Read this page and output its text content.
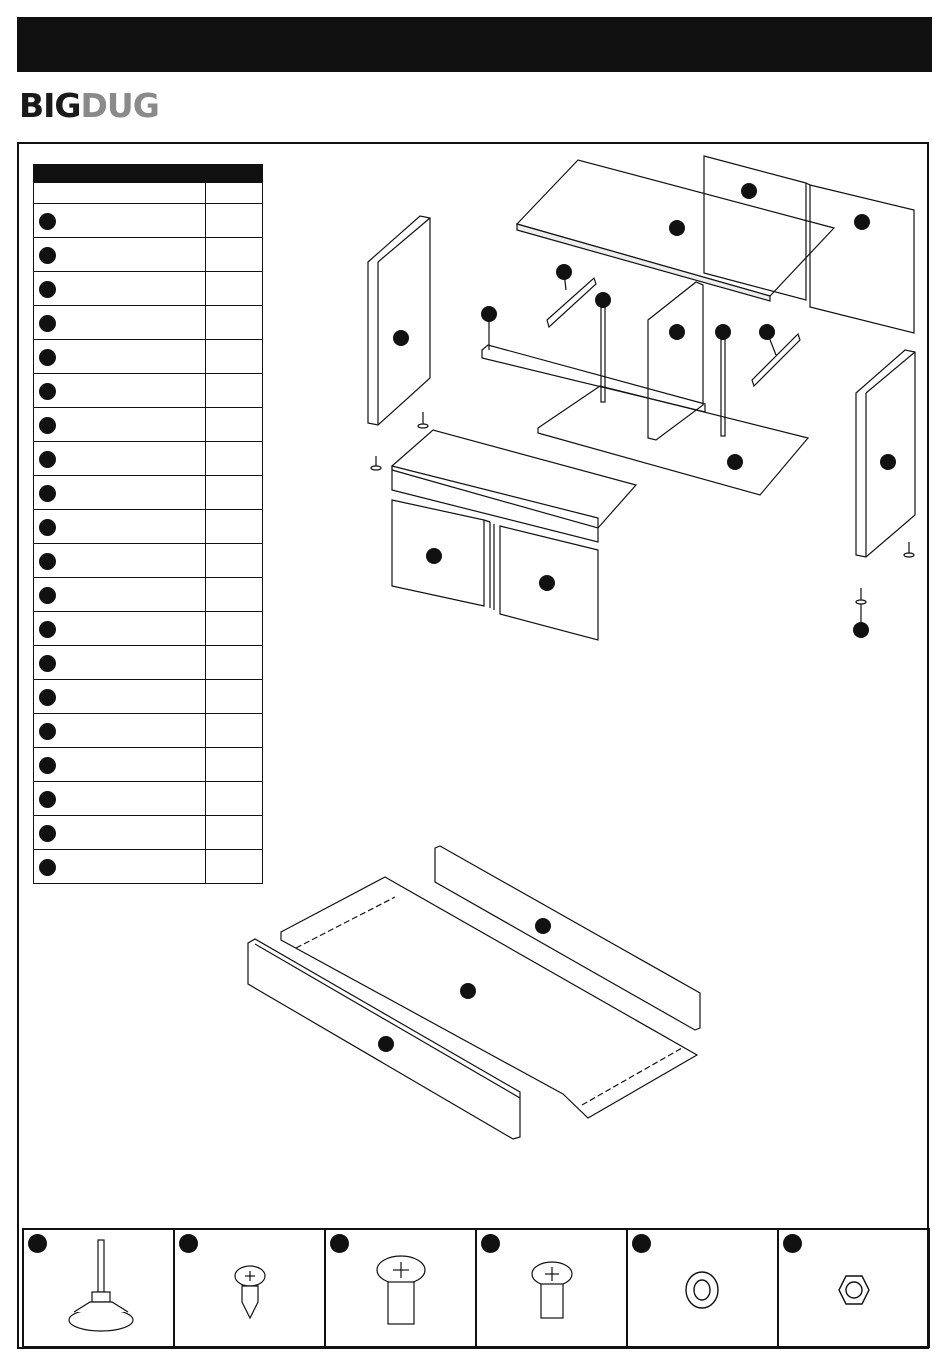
BIGDUG
